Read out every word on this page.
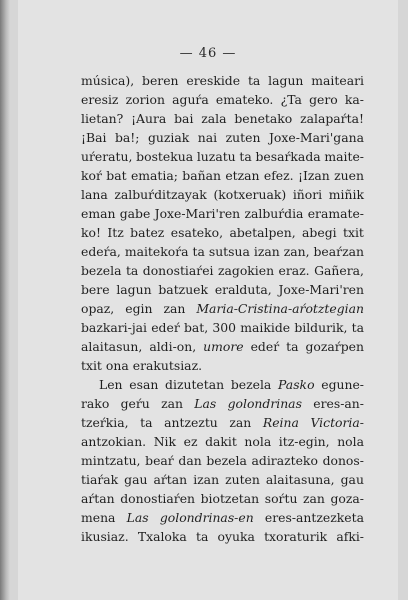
— 46 —
música), beren ereskide ta lagun maiteari
eresiz zorion aguŕa emateko. ¿Ta gero ka-
lietan? ¡Aura bai zala benetako zalapaŕta!
¡Bai ba!; guziak nai zuten Joxe-Mari'gana
uŕeratu, bostekua luzatu ta besaŕkada maite-
koŕ bat ematia; bañan etzan efez. ¡Izan zuen
lana zalbuŕditzayak (kotxeruak) iñori miñik
eman gabe Joxe-Mari'ren zalbuŕdia eramate-
ko! Itz batez esateko, abetalpen, abegi txit
edeŕa, maitekoŕa ta sutsua izan zan, beaŕzan
bezela ta donostiaŕei zagokien eraz. Gañera,
bere lagun batzuek eralduta, Joxe-Mari'ren
opaz, egin zan Maria-Cristina-aŕotztegian
bazkari-jai edeŕ bat, 300 maikide bildurik, ta
alaitasun, aldi-on, umore edeŕ ta gozaŕpen
txit ona erakutsiaz.
Len esan dizutetan bezela Pasko egune-
rako geŕu zan Las golondrinas eres-an-
tzeŕkia, ta antzeztu zan Reina Victoria-
antzokian. Nik ez dakit nola itz-egin, nola
mintzatu, beaŕ dan bezela adirazteko donos-
tiaŕak gau aŕtan izan zuten alaitasuna, gau
aŕtan donostiaŕen biotzetan soŕtu zan goza-
mena Las golondrinas-en eres-antzezketa
ikusiaz. Txaloka ta oyuka txoraturik afki-
